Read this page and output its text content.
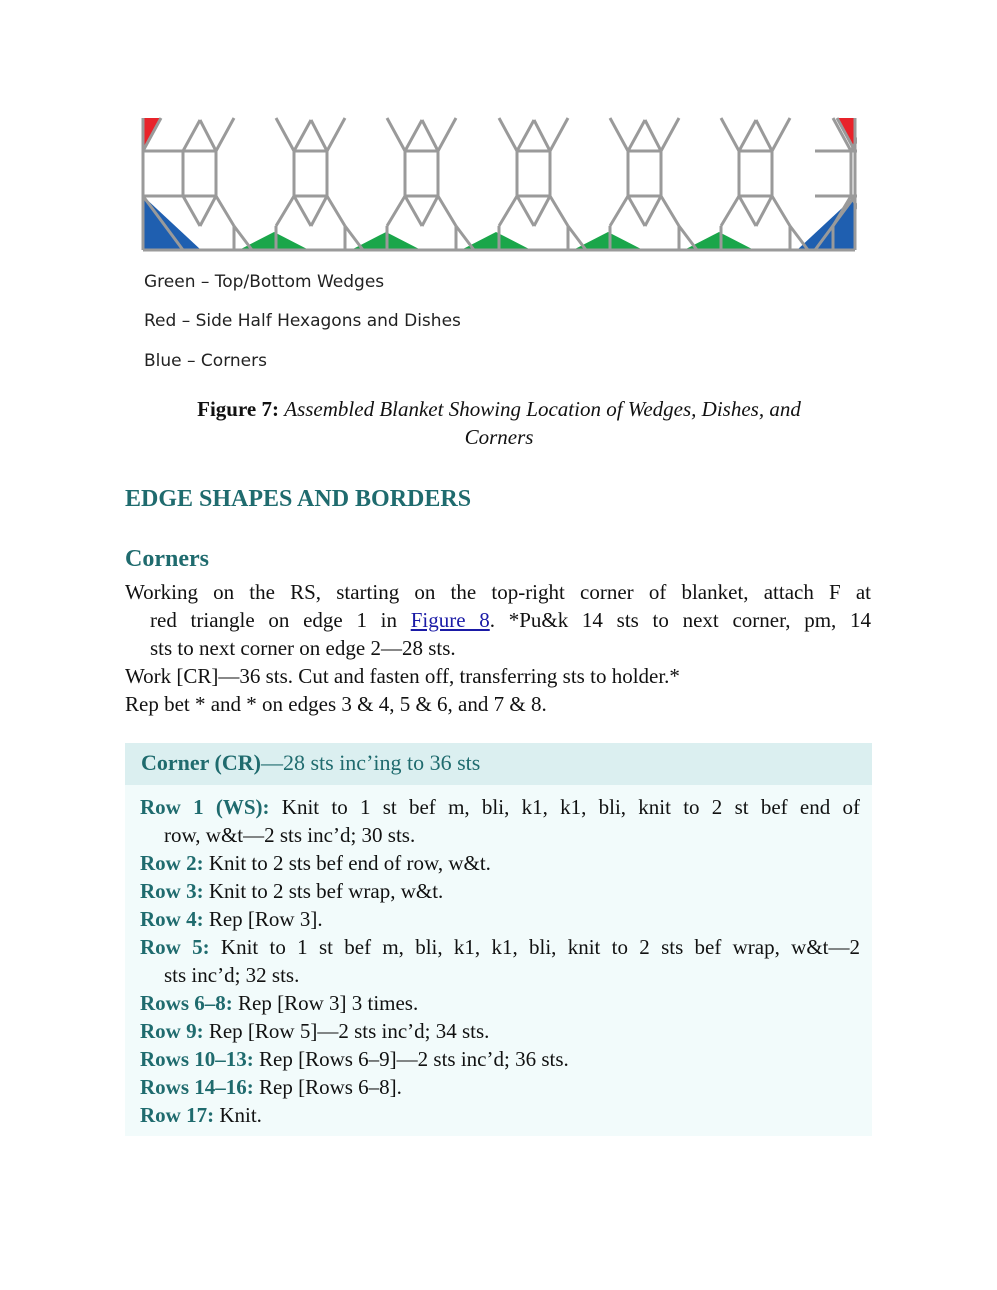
Green – Top/Bottom Wedges
Red – Side Half Hexagons and Dishes
Blue – Corners
Figure 7: Assembled Blanket Showing Location of Wedges, Dishes, and
Corners
EDGE SHAPES AND BORDERS
Corners
Working on the RS, starting on the top-right corner of blanket, attach F at
red triangle on edge 1 in Figure 8. *Pu&k 14 sts to next corner, pm, 14
sts to next corner on edge 2—28 sts.
Work [CR]—36 sts. Cut and fasten off, transferring sts to holder.*
Rep bet * and * on edges 3 & 4, 5 & 6, and 7 & 8.
Corner (CR)—28 sts inc’ing to 36 sts
Row 1 (WS): Knit to 1 st bef m, bli, k1, k1, bli, knit to 2 st bef end of
row, w&t—2 sts inc’d; 30 sts.
Row 2: Knit to 2 sts bef end of row, w&t.
Row 3: Knit to 2 sts bef wrap, w&t.
Row 4: Rep [Row 3].
Row 5: Knit to 1 st bef m, bli, k1, k1, bli, knit to 2 sts bef wrap, w&t—2
sts inc’d; 32 sts.
Rows 6–8: Rep [Row 3] 3 times.
Row 9: Rep [Row 5]—2 sts inc’d; 34 sts.
Rows 10–13: Rep [Rows 6–9]—2 sts inc’d; 36 sts.
Rows 14–16: Rep [Rows 6–8].
Row 17: Knit.
